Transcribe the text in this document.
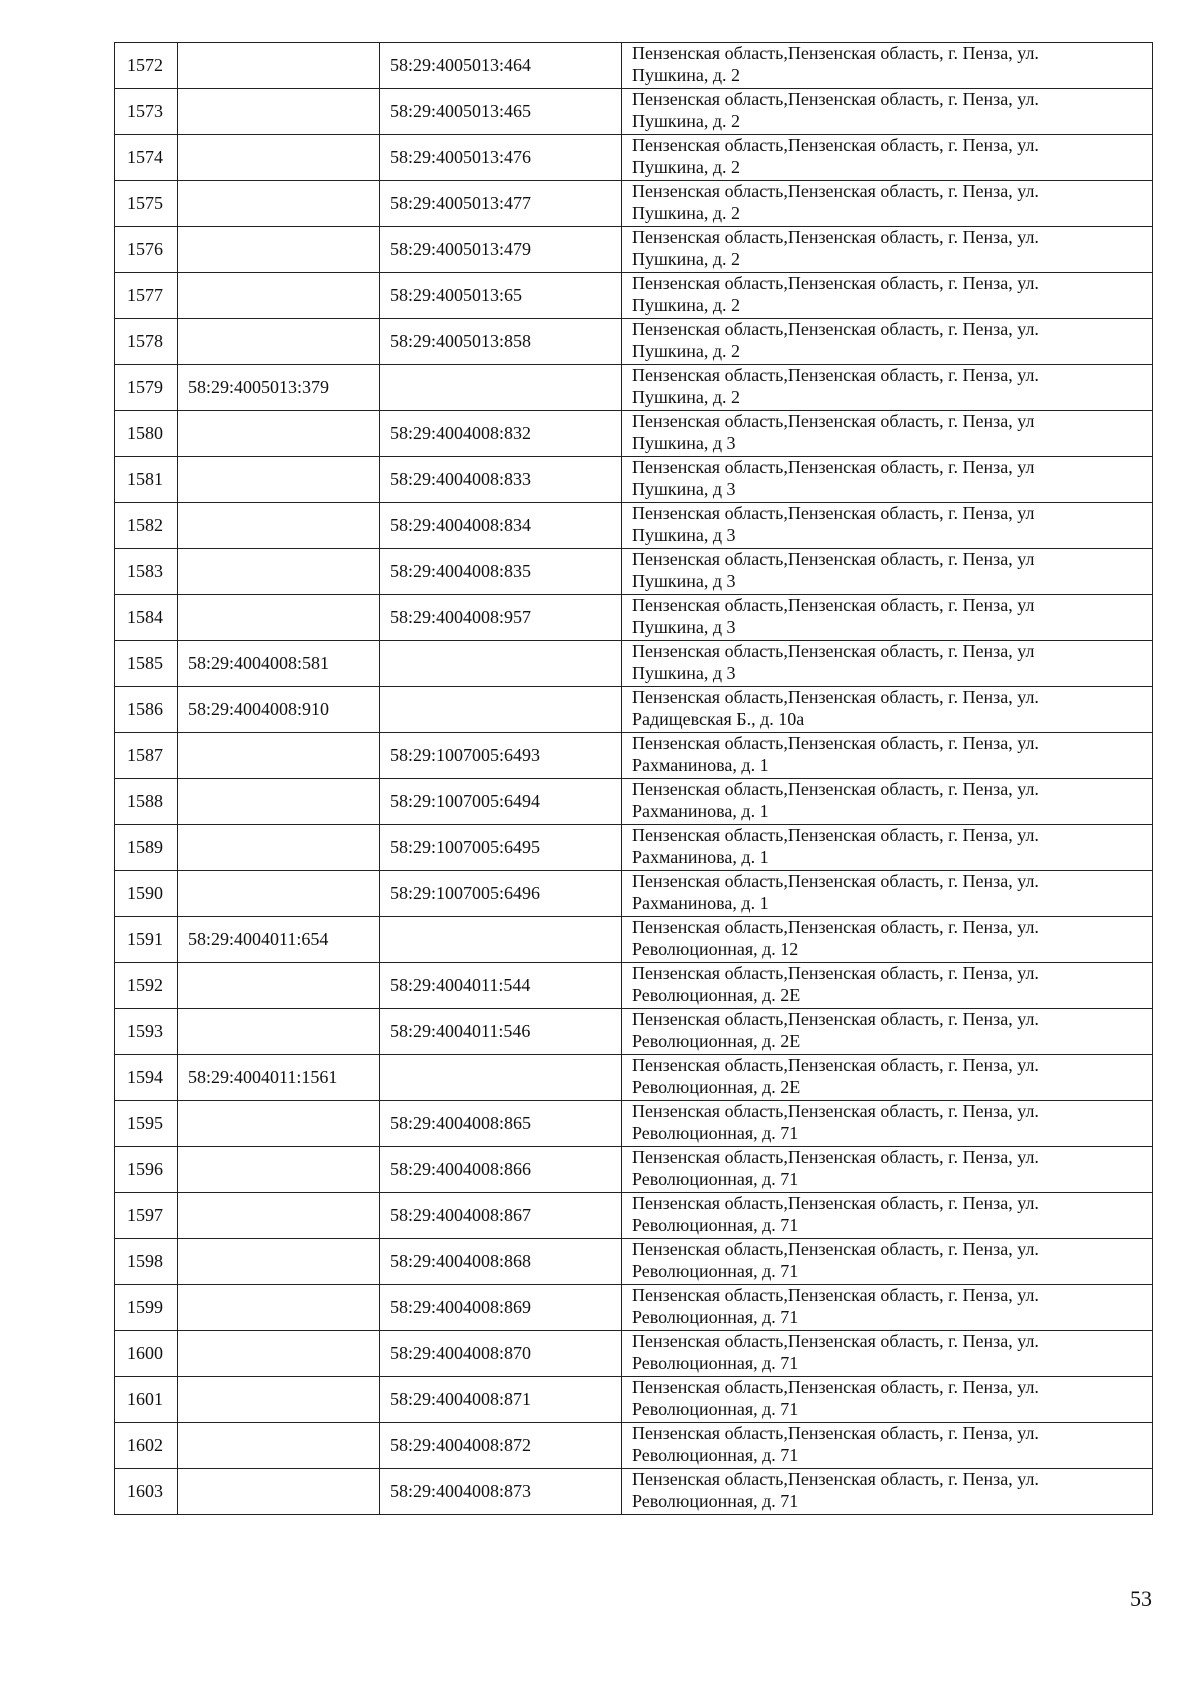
1572		58:29:4005013:464	Пензенская область,Пензенская область, г. Пенза, ул.
Пушкина, д. 2

1573		58:29:4005013:465	Пензенская область,Пензенская область, г. Пенза, ул.
Пушкина, д. 2

1574		58:29:4005013:476	Пензенская область,Пензенская область, г. Пенза, ул.
Пушкина, д. 2

1575		58:29:4005013:477	Пензенская область,Пензенская область, г. Пенза, ул.
Пушкина, д. 2

1576		58:29:4005013:479	Пензенская область,Пензенская область, г. Пенза, ул.
Пушкина, д. 2

1577		58:29:4005013:65	Пензенская область,Пензенская область, г. Пенза, ул.
Пушкина, д. 2

1578		58:29:4005013:858	Пензенская область,Пензенская область, г. Пенза, ул.
Пушкина, д. 2

1579	58:29:4005013:379		Пензенская область,Пензенская область, г. Пенза, ул.
Пушкина, д. 2

1580		58:29:4004008:832	Пензенская область,Пензенская область, г. Пенза, ул
Пушкина, д 3

1581		58:29:4004008:833	Пензенская область,Пензенская область, г. Пенза, ул
Пушкина, д 3

1582		58:29:4004008:834	Пензенская область,Пензенская область, г. Пенза, ул
Пушкина, д 3

1583		58:29:4004008:835	Пензенская область,Пензенская область, г. Пенза, ул
Пушкина, д 3

1584		58:29:4004008:957	Пензенская область,Пензенская область, г. Пенза, ул
Пушкина, д 3

1585	58:29:4004008:581		Пензенская область,Пензенская область, г. Пенза, ул
Пушкина, д 3

1586	58:29:4004008:910		Пензенская область,Пензенская область, г. Пенза, ул.
Радищевская Б., д. 10а

1587		58:29:1007005:6493	Пензенская область,Пензенская область, г. Пенза, ул.
Рахманинова, д. 1

1588		58:29:1007005:6494	Пензенская область,Пензенская область, г. Пенза, ул.
Рахманинова, д. 1

1589		58:29:1007005:6495	Пензенская область,Пензенская область, г. Пенза, ул.
Рахманинова, д. 1

1590		58:29:1007005:6496	Пензенская область,Пензенская область, г. Пенза, ул.
Рахманинова, д. 1

1591	58:29:4004011:654		Пензенская область,Пензенская область, г. Пенза, ул.
Революционная, д. 12

1592		58:29:4004011:544	Пензенская область,Пензенская область, г. Пенза, ул.
Революционная, д. 2Е

1593		58:29:4004011:546	Пензенская область,Пензенская область, г. Пенза, ул.
Революционная, д. 2Е

1594	58:29:4004011:1561		Пензенская область,Пензенская область, г. Пенза, ул.
Революционная, д. 2Е

1595		58:29:4004008:865	Пензенская область,Пензенская область, г. Пенза, ул.
Революционная, д. 71

1596		58:29:4004008:866	Пензенская область,Пензенская область, г. Пенза, ул.
Революционная, д. 71

1597		58:29:4004008:867	Пензенская область,Пензенская область, г. Пенза, ул.
Революционная, д. 71

1598		58:29:4004008:868	Пензенская область,Пензенская область, г. Пенза, ул.
Революционная, д. 71

1599		58:29:4004008:869	Пензенская область,Пензенская область, г. Пенза, ул.
Революционная, д. 71

1600		58:29:4004008:870	Пензенская область,Пензенская область, г. Пенза, ул.
Революционная, д. 71

1601		58:29:4004008:871	Пензенская область,Пензенская область, г. Пенза, ул.
Революционная, д. 71

1602		58:29:4004008:872	Пензенская область,Пензенская область, г. Пенза, ул.
Революционная, д. 71

1603		58:29:4004008:873	Пензенская область,Пензенская область, г. Пенза, ул.
Революционная, д. 71
53
